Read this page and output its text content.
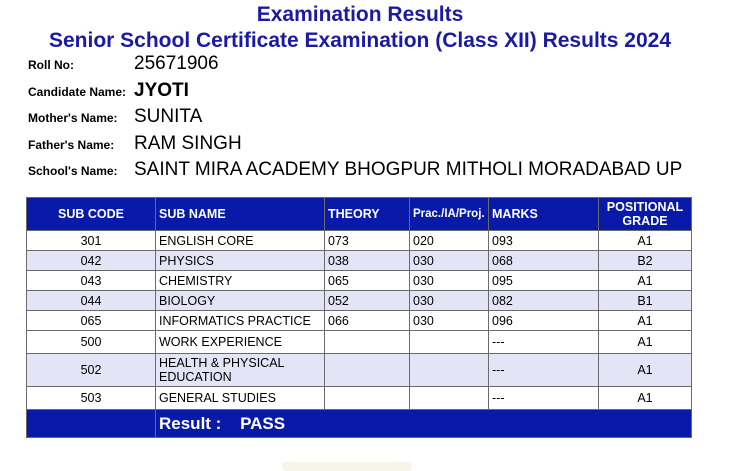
Examination Results
Senior School Certificate Examination (Class XII) Results 2024
Roll No:	25671906
Candidate Name: JYOTI
Mother's Name: SUNITA
Father's Name:	RAM SINGH
School's Name: SAINT MIRA ACADEMY BHOGPUR MITHOLI MORADABAD UP
SUB CODE	SUB NAME	THEORY	Prac./IA/Proj.	MARKS	POSITIONAL GRADE
301	ENGLISH CORE	073	020	093	A1
042	PHYSICS	038	030	068	B2
043	CHEMISTRY	065	030	095	A1
044	BIOLOGY	052	030	082	B1
065	INFORMATICS PRACTICE	066	030	096	A1
500	WORK EXPERIENCE			---	A1
502	HEALTH & PHYSICAL EDUCATION			---	A1
503	GENERAL STUDIES			---	A1
	Result : PASS				
